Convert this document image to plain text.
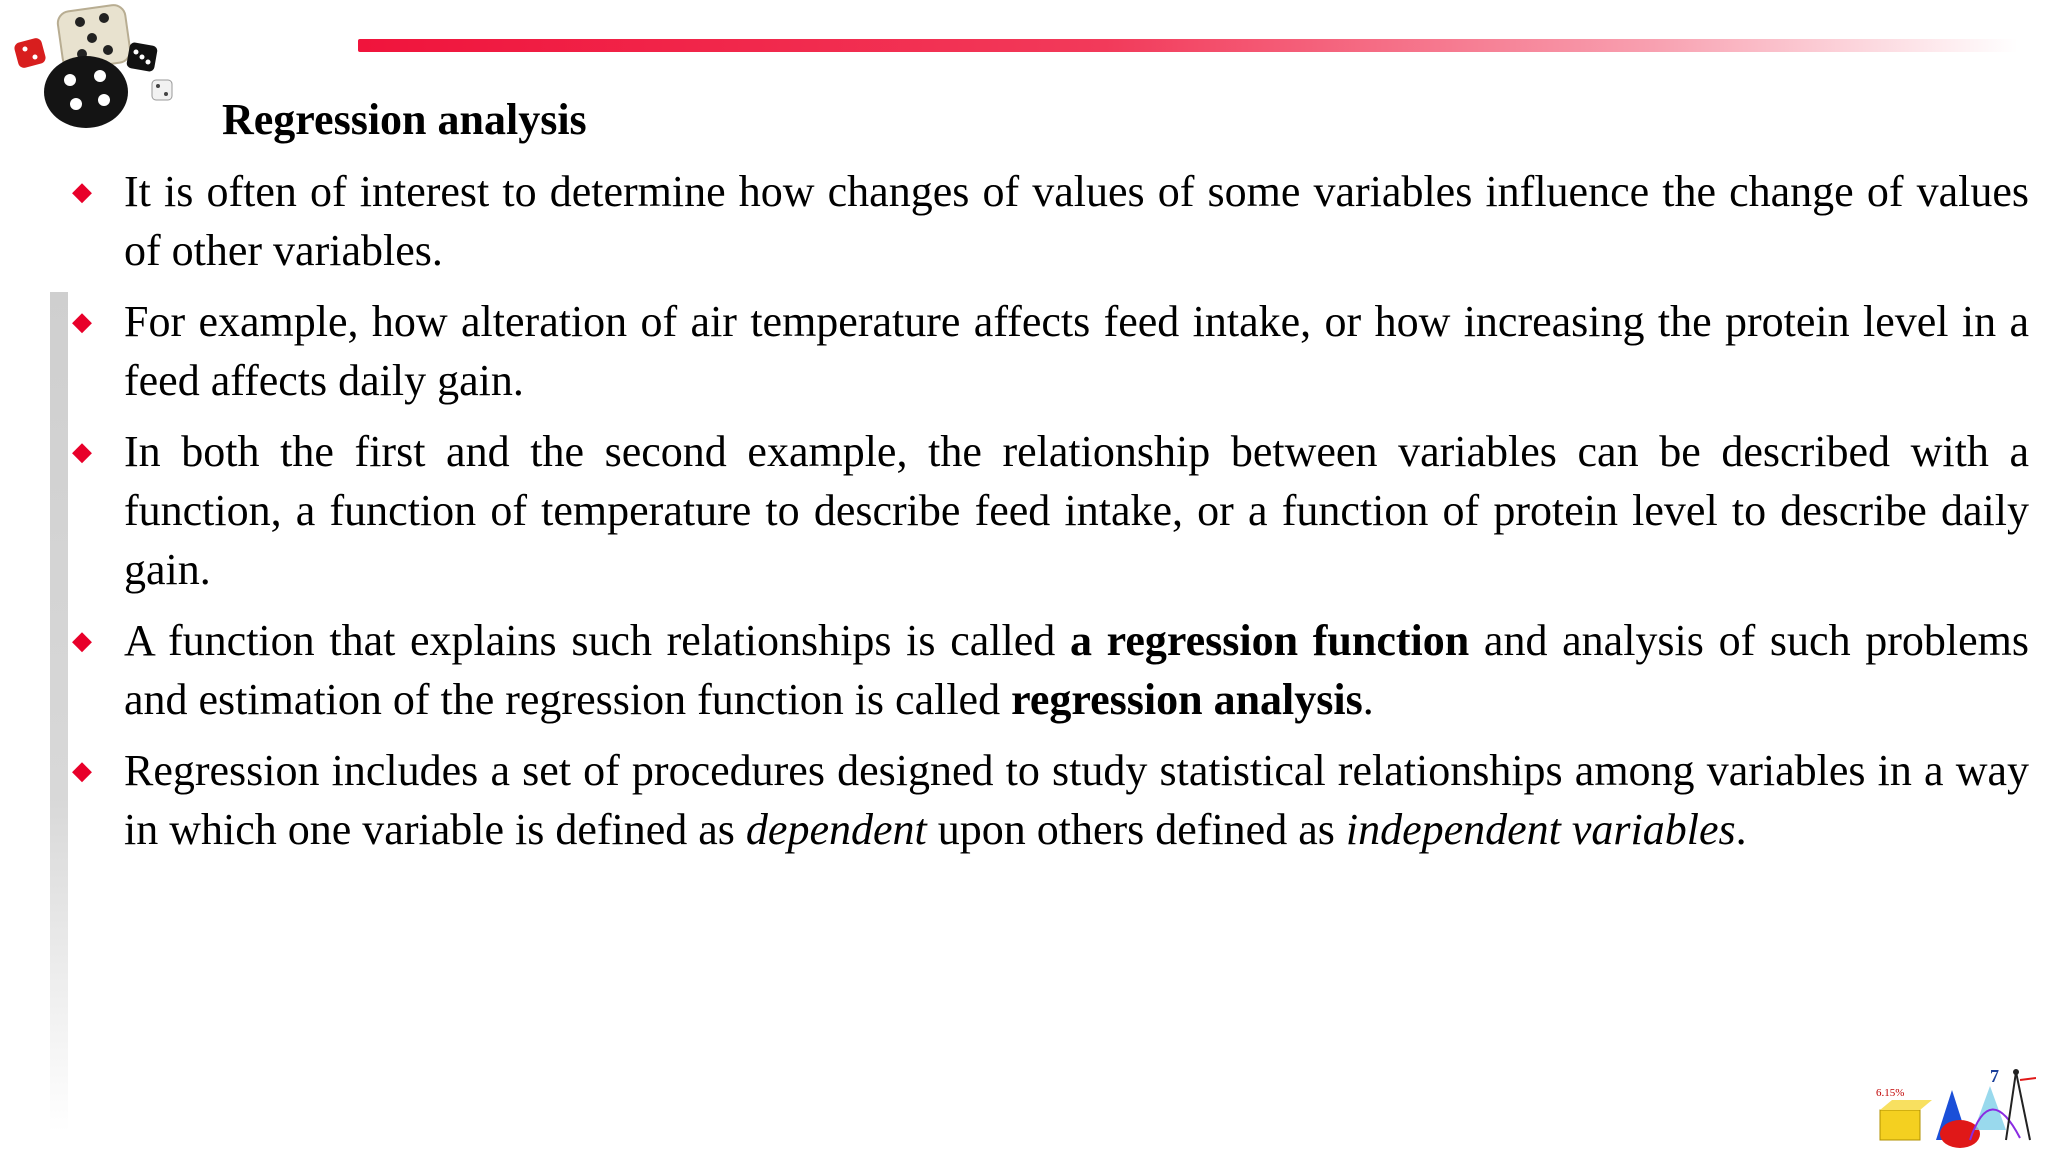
6.15%
7
Regression analysis
◆ It is often of interest to determine how changes of values of some variables influence the change of values of other variables.
◆ For example, how alteration of air temperature affects feed intake, or how increasing the protein level in a feed affects daily gain.
◆ In both the first and the second example, the relationship between variables can be described with a function, a function of temperature to describe feed intake, or a function of protein level to describe daily gain.
◆ A function that explains such relationships is called a regression function and analysis of such problems and estimation of the regression function is called regression analysis.
◆ Regression includes a set of procedures designed to study statistical relationships among variables in a way in which one variable is defined as dependent upon others defined as independent variables.
